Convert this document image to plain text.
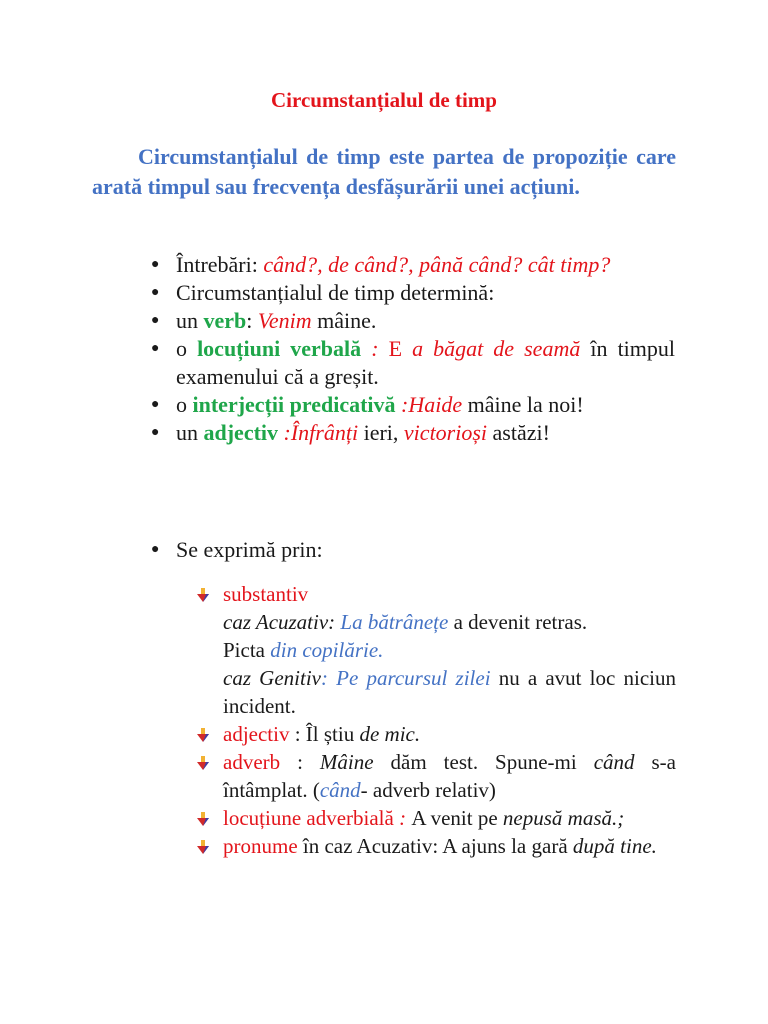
Circumstanțialul de timp
Circumstanțialul de timp este partea de propoziție care arată timpul sau frecvența desfășurării unei acțiuni.
● Întrebări: când?, de când?, până când? cât timp?
● Circumstanțialul de timp determină:
● un verb: Venim mâine.
● o locuțiuni verbală : E a băgat de seamă în timpul examenului că a greșit.
● o interjecții predicativă :Haide mâine la noi!
● un adjectiv :Înfrânți ieri, victorioși astăzi!
● Se exprimă prin:
substantiv
caz Acuzativ: La bătrânețe a devenit retras.
Picta din copilărie.
caz Genitiv: Pe parcursul zilei nu a avut loc niciun incident.
adjectiv : Îl știu de mic.
adverb : Mâine dăm test. Spune-mi când s-a întâmplat. (când- adverb relativ)
locuțiune adverbială : A venit pe nepusă masă.;
pronume în caz Acuzativ: A ajuns la gară după tine.
